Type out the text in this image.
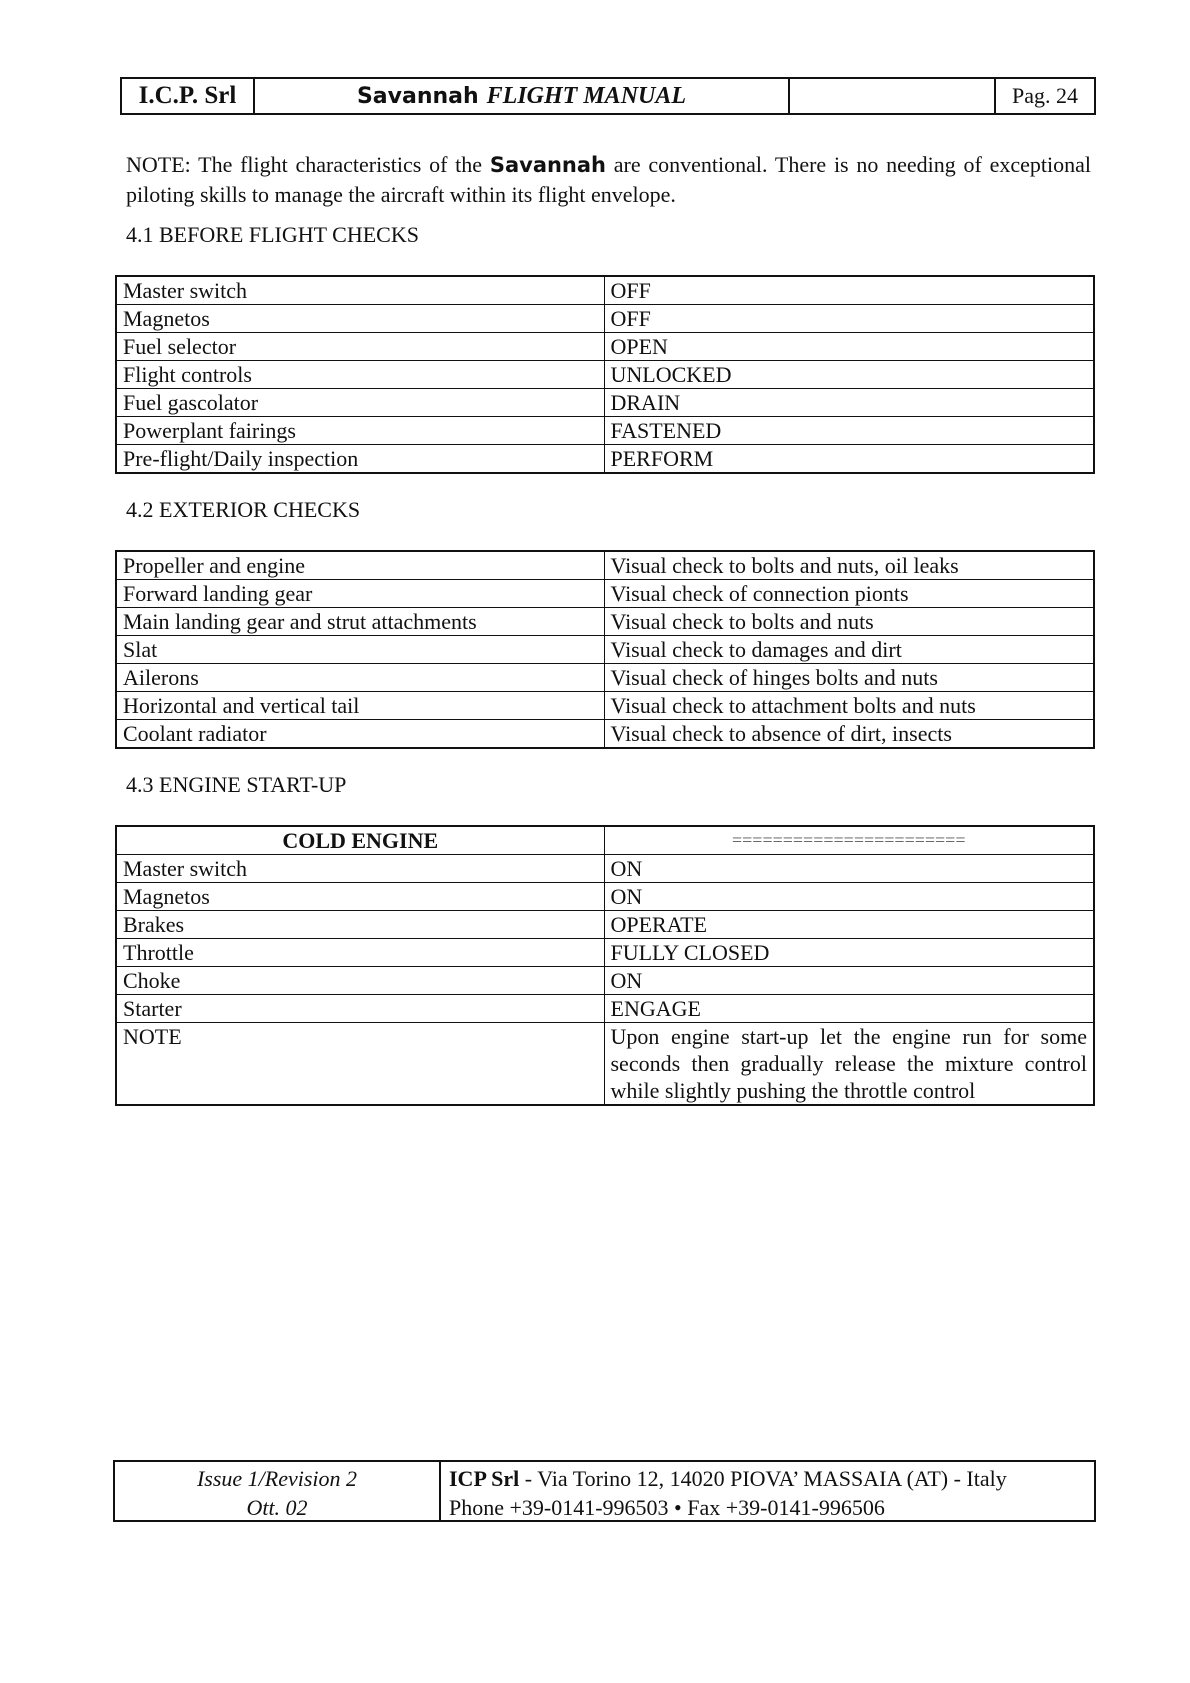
I.C.P. Srl	Savannah FLIGHT MANUAL	Pag. 24
NOTE: The flight characteristics of the Savannah are conventional. There is no needing of exceptional piloting skills to manage the aircraft within its flight envelope.
4.1 BEFORE FLIGHT CHECKS
Master switch	OFF
Magnetos	OFF
Fuel selector	OPEN
Flight controls	UNLOCKED
Fuel gascolator	DRAIN
Powerplant fairings	FASTENED
Pre-flight/Daily inspection	PERFORM
4.2 EXTERIOR CHECKS
Propeller and engine	Visual check to bolts and nuts, oil leaks
Forward landing gear	Visual check of connection pionts
Main landing gear and strut attachments	Visual check to bolts and nuts
Slat	Visual check to damages and dirt
Ailerons	Visual check of hinges bolts and nuts
Horizontal and vertical tail	Visual check to attachment bolts and nuts
Coolant radiator	Visual check to absence of dirt, insects
4.3 ENGINE START-UP
COLD ENGINE	=======================
Master switch	ON
Magnetos	ON
Brakes	OPERATE
Throttle	FULLY CLOSED
Choke	ON
Starter	ENGAGE
NOTE	Upon engine start-up let the engine run for some seconds then gradually release the mixture control while slightly pushing the throttle control
Issue 1/Revision 2
Ott. 02
ICP Srl - Via Torino 12, 14020 PIOVA’ MASSAIA (AT) - Italy
Phone +39-0141-996503 • Fax +39-0141-996506
